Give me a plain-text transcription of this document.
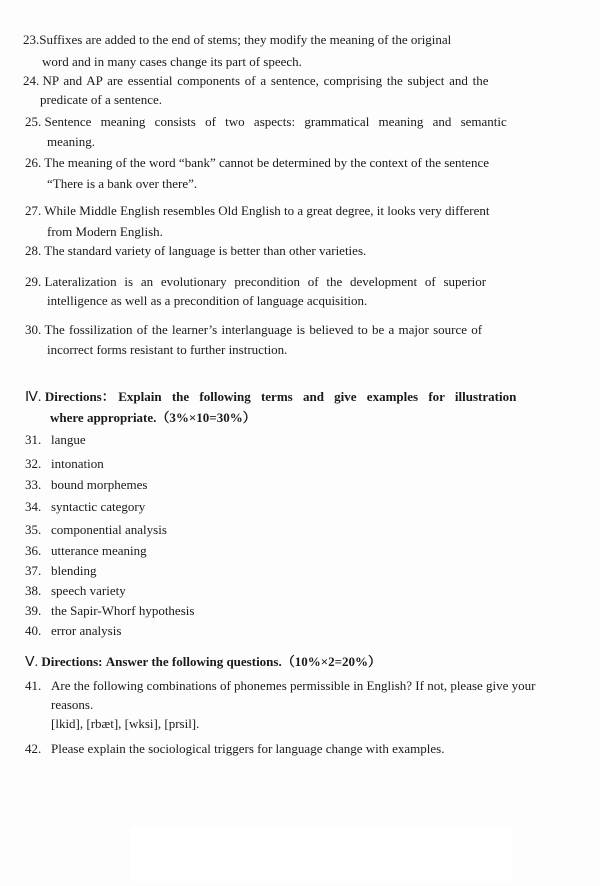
23.Suffixes are added to the end of stems; they modify the meaning of the original
word and in many cases change its part of speech.
24. NP and AP are essential components of a sentence, comprising the subject and the
predicate of a sentence.
25. Sentence meaning consists of two aspects: grammatical meaning and semantic
meaning.
26. The meaning of the word “bank” cannot be determined by the context of the sentence
“There is a bank over there”.
27. While Middle English resembles Old English to a great degree, it looks very different
from Modern English.
28. The standard variety of language is better than other varieties.
29. Lateralization is an evolutionary precondition of the development of superior
intelligence as well as a precondition of language acquisition.
30. The fossilization of the learner’s interlanguage is believed to be a major source of
incorrect forms resistant to further instruction.
Ⅳ. Directions： Explain the following terms and give examples for illustration
where appropriate.（3%×10=30%）
31. langue
32. intonation
33. bound morphemes
34. syntactic category
35. componential analysis
36. utterance meaning
37. blending
38. speech variety
39. the Sapir-Whorf hypothesis
40. error analysis
Ⅴ. Directions: Answer the following questions.（10%×2=20%）
41. Are the following combinations of phonemes permissible in English? If not, please give your
reasons.
[lkid], [rbæt], [wksi], [prsil].
42. Please explain the sociological triggers for language change with examples.
